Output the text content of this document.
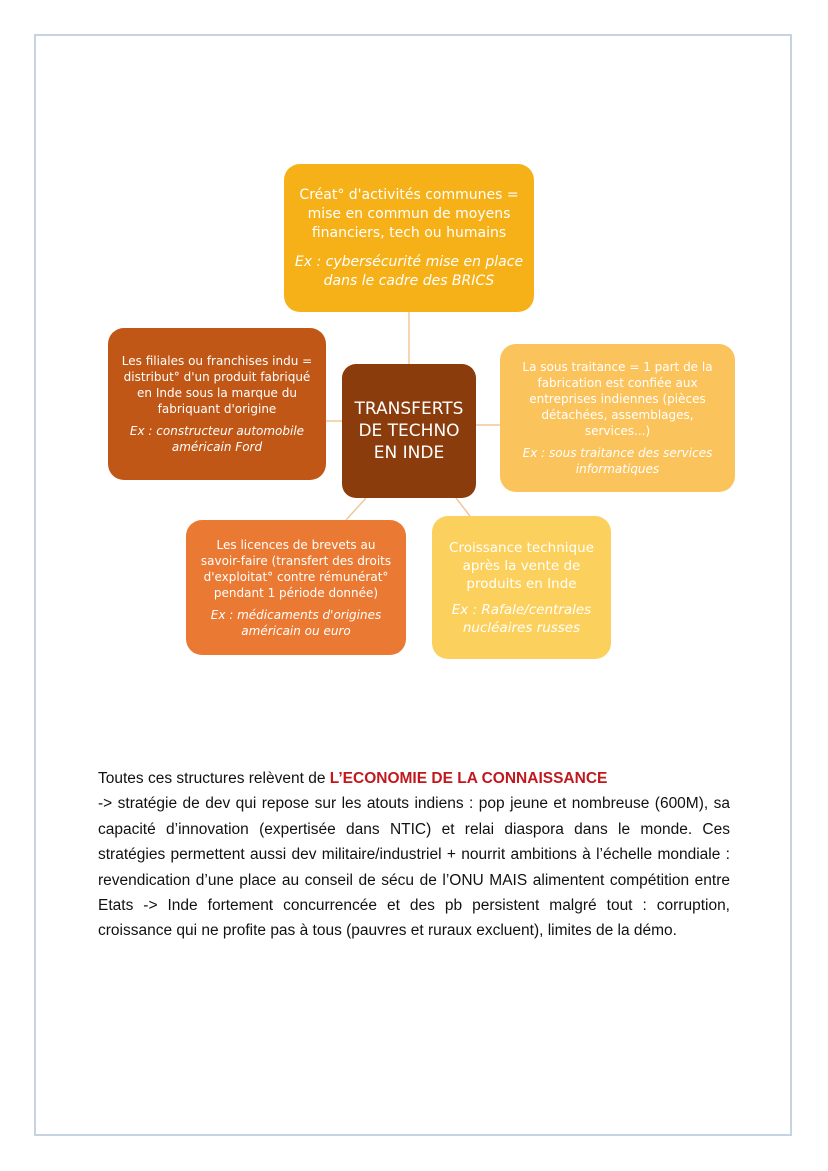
Créat° d'activités communes = mise en commun de moyens financiers, tech ou humains
Ex : cybersécurité mise en place dans le cadre des BRICS
Les filiales ou franchises indu = distribut° d'un produit fabriqué en Inde sous la marque du fabriquant d'origine
Ex : constructeur automobile américain Ford
La sous traitance = 1 part de la fabrication est confiée aux entreprises indiennes (pièces détachées, assemblages, services...)
Ex : sous traitance des services informatiques
Les licences de brevets au savoir-faire (transfert des droits d'exploitat° contre rémunérat° pendant 1 période donnée)
Ex : médicaments d'origines américain ou euro
Croissance technique après la vente de produits en Inde
Ex : Rafale/centrales nucléaires russes
TRANSFERTS DE TECHNO EN INDE

Toutes ces structures relèvent de L’ECONOMIE DE LA CONNAISSANCE
-> stratégie de dev qui repose sur les atouts indiens : pop jeune et nombreuse (600M), sa capacité d’innovation (expertisée dans NTIC) et relai diaspora dans le monde. Ces stratégies permettent aussi dev militaire/industriel + nourrit ambitions à l’échelle mondiale : revendication d’une place au conseil de sécu de l’ONU MAIS alimentent compétition entre Etats -> Inde fortement concurrencée et des pb persistent malgré tout : corruption, croissance qui ne profite pas à tous (pauvres et ruraux excluent), limites de la démo.
